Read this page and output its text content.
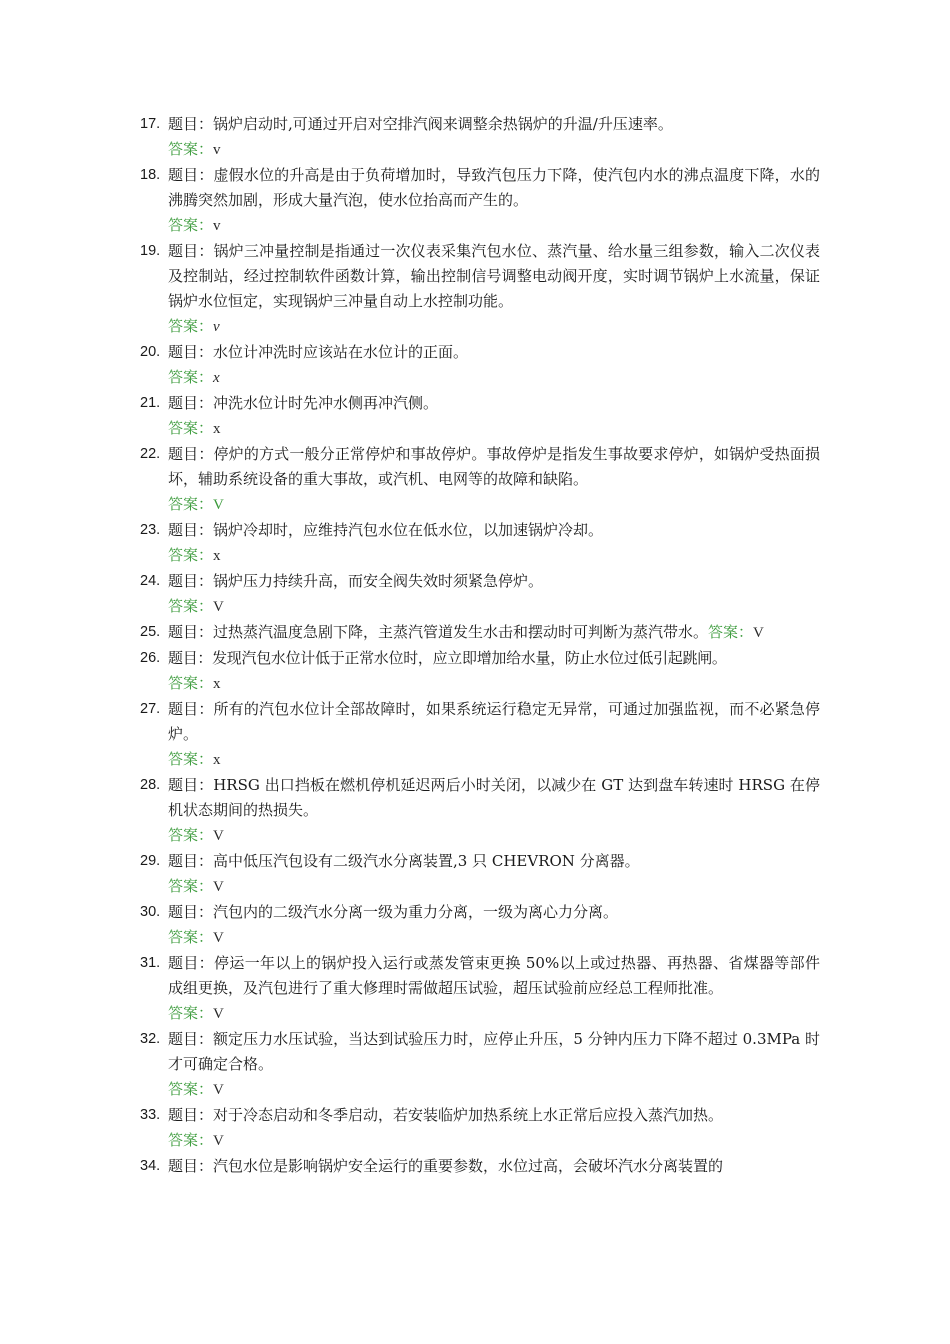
17. 题目：锅炉启动时,可通过开启对空排汽阀来调整余热锅炉的升温/升压速率。
答案：v
18. 题目：虚假水位的升高是由于负荷增加时，导致汽包压力下降，使汽包内水的沸点温度下降，水的沸腾突然加剧，形成大量汽泡，使水位抬高而产生的。
答案：v
19. 题目：锅炉三冲量控制是指通过一次仪表采集汽包水位、蒸汽量、给水量三组参数，输入二次仪表及控制站，经过控制软件函数计算，输出控制信号调整电动阀开度，实时调节锅炉上水流量，保证锅炉水位恒定，实现锅炉三冲量自动上水控制功能。
答案：v
20. 题目：水位计冲洗时应该站在水位计的正面。
答案：x
21. 题目：冲洗水位计时先冲水侧再冲汽侧。
答案：x
22. 题目：停炉的方式一般分正常停炉和事故停炉。事故停炉是指发生事故要求停炉，如锅炉受热面损坏，辅助系统设备的重大事故，或汽机、电网等的故障和缺陷。
答案：V
23. 题目：锅炉冷却时，应维持汽包水位在低水位，以加速锅炉冷却。
答案：x
24. 题目：锅炉压力持续升高，而安全阀失效时须紧急停炉。
答案：V
25. 题目：过热蒸汽温度急剧下降，主蒸汽管道发生水击和摆动时可判断为蒸汽带水。答案：V
26. 题目：发现汽包水位计低于正常水位时，应立即增加给水量，防止水位过低引起跳闸。
答案：x
27. 题目：所有的汽包水位计全部故障时，如果系统运行稳定无异常，可通过加强监视，而不必紧急停炉。
答案：x
28. 题目：HRSG 出口挡板在燃机停机延迟两后小时关闭，以减少在 GT 达到盘车转速时 HRSG 在停机状态期间的热损失。
答案：V
29. 题目：高中低压汽包设有二级汽水分离装置,3 只 CHEVRON 分离器。
答案：V
30. 题目：汽包内的二级汽水分离一级为重力分离，一级为离心力分离。
答案：V
31. 题目：停运一年以上的锅炉投入运行或蒸发管束更换 50%以上或过热器、再热器、省煤器等部件成组更换，及汽包进行了重大修理时需做超压试验，超压试验前应经总工程师批准。
答案：V
32. 题目：额定压力水压试验，当达到试验压力时，应停止升压，5 分钟内压力下降不超过 0.3MPa 时才可确定合格。
答案：V
33. 题目：对于冷态启动和冬季启动，若安装临炉加热系统上水正常后应投入蒸汽加热。
答案：V
34. 题目：汽包水位是影响锅炉安全运行的重要参数，水位过高，会破坏汽水分离装置的
